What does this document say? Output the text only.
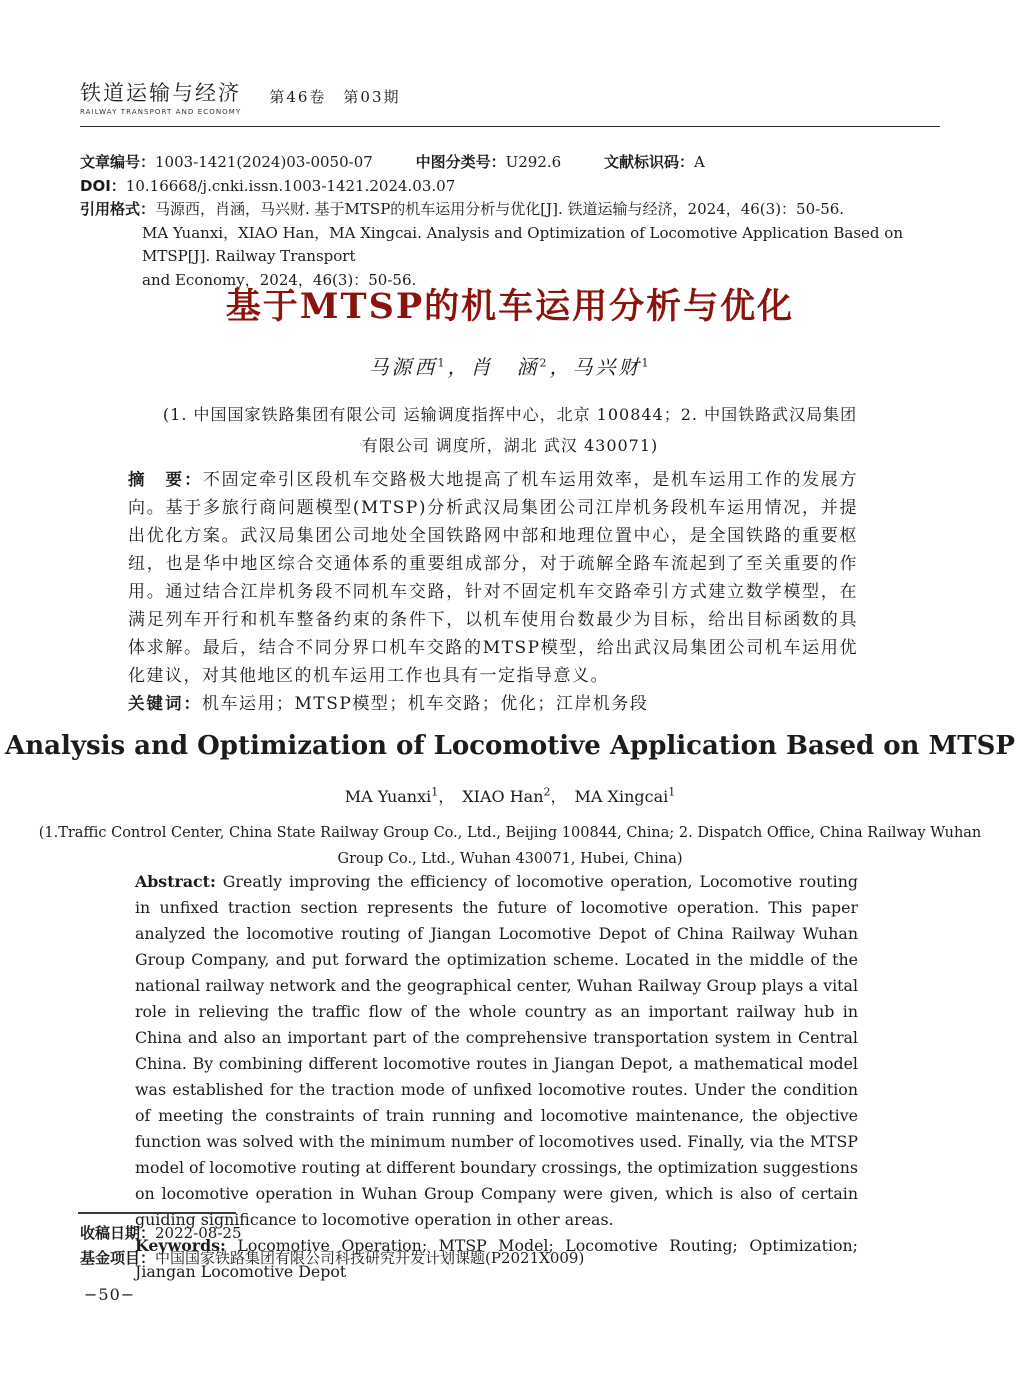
铁道运输与经济
RAILWAY TRANSPORT AND ECONOMY
第46卷　第03期
文章编号：1003-1421(2024)03-0050-07	中图分类号：U292.6	文献标识码：A
DOI：10.16668/j.cnki.issn.1003-1421.2024.03.07
引用格式：马源西，肖涵，马兴财. 基于MTSP的机车运用分析与优化[J]. 铁道运输与经济，2024，46(3)：50-56.
MA Yuanxi，XIAO Han，MA Xingcai. Analysis and Optimization of Locomotive Application Based on MTSP[J]. Railway Transport
and Economy，2024，46(3)：50-56.
基于MTSP的机车运用分析与优化
马源西$^1$，肖　涵$^2$，马兴财$^1$
(1. 中国国家铁路集团有限公司 运输调度指挥中心，北京 100844；2. 中国铁路武汉局集团
有限公司 调度所，湖北 武汉 430071)

摘　要：不固定牵引区段机车交路极大地提高了机车运用效率，是机车运用工作的发展方向。基于多旅行商问题模型(MTSP)分析武汉局集团公司江岸机务段机车运用情况，并提出优化方案。武汉局集团公司地处全国铁路网中部和地理位置中心，是全国铁路的重要枢纽，也是华中地区综合交通体系的重要组成部分，对于疏解全路车流起到了至关重要的作用。通过结合江岸机务段不同机车交路，针对不固定机车交路牵引方式建立数学模型，在满足列车开行和机车整备约束的条件下，以机车使用台数最少为目标，给出目标函数的具体求解。最后，结合不同分界口机车交路的MTSP模型，给出武汉局集团公司机车运用优化建议，对其他地区的机车运用工作也具有一定指导意义。

关键词：机车运用；MTSP模型；机车交路；优化；江岸机务段

Analysis and Optimization of Locomotive Application Based on MTSP
MA Yuanxi$^1$， XIAO Han$^2$， MA Xingcai$^1$
(1.Traffic Control Center, China State Railway Group Co., Ltd., Beijing 100844, China; 2. Dispatch Office, China Railway Wuhan
Group Co., Ltd., Wuhan 430071, Hubei, China)

Abstract: Greatly improving the efficiency of locomotive operation, Locomotive routing in unfixed traction section represents the future of locomotive operation. This paper analyzed the locomotive routing of Jiangan Locomotive Depot of China Railway Wuhan Group Company, and put forward the optimization scheme. Located in the middle of the national railway network and the geographical center, Wuhan Railway Group plays a vital role in relieving the traffic flow of the whole country as an important railway hub in China and also an important part of the comprehensive transportation system in Central China. By combining different locomotive routes in Jiangan Depot, a mathematical model was established for the traction mode of unfixed locomotive routes. Under the condition of meeting the constraints of train running and locomotive maintenance, the objective function was solved with the minimum number of locomotives used. Finally, via the MTSP model of locomotive routing at different boundary crossings, the optimization suggestions on locomotive operation in Wuhan Group Company were given, which is also of certain guiding significance to locomotive operation in other areas.

Keywords: Locomotive Operation; MTSP Model; Locomotive Routing; Optimization; Jiangan Locomotive Depot

收稿日期：2022-08-25
基金项目：中国国家铁路集团有限公司科技研究开发计划课题(P2021X009)
−50−
